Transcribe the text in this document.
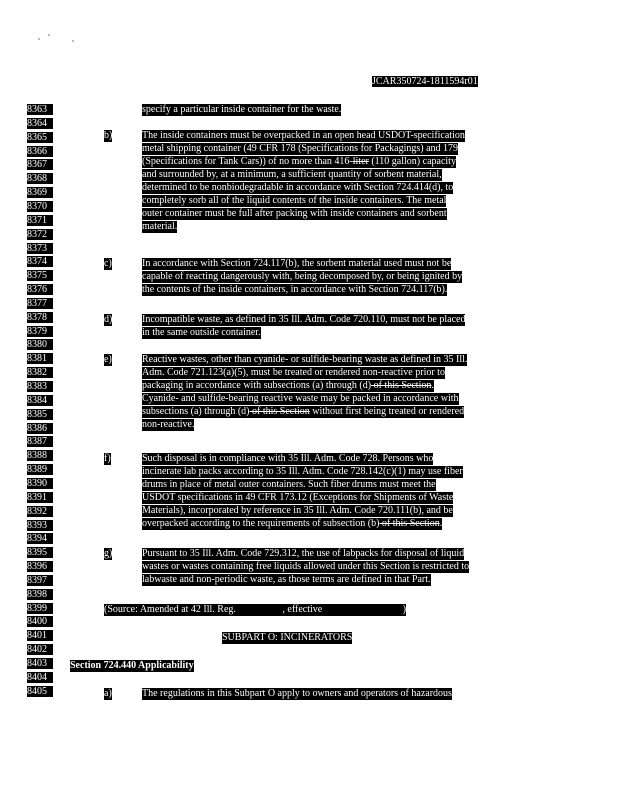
JCAR350724-1811594r01
8363
8364
8365
8366
8367
8368
8369
8370
8371
8372
8373
8374
8375
8376
8377
8378
8379
8380
8381
8382
8383
8384
8385
8386
8387
8388
8389
8390
8391
8392
8393
8394
8395
8396
8397
8398
8399
8400
8401
8402
8403
8404
8405
specify a particular inside container for the waste.
b)	The inside containers must be overpacked in an open head USDOT-specification
metal shipping container (49 CFR 178 (Specifications for Packagings) and 179
(Specifications for Tank Cars)) of no more than 416-liter (110 gallon) capacity
and surrounded by, at a minimum, a sufficient quantity of sorbent material,
determined to be nonbiodegradable in accordance with Section 724.414(d), to
completely sorb all of the liquid contents of the inside containers. The metal
outer container must be full after packing with inside containers and sorbent
material.
c)	In accordance with Section 724.117(b), the sorbent material used must not be
capable of reacting dangerously with, being decomposed by, or being ignited by
the contents of the inside containers, in accordance with Section 724.117(b).
d)	Incompatible waste, as defined in 35 Ill. Adm. Code 720.110, must not be placed
in the same outside container.
e)	Reactive wastes, other than cyanide- or sulfide-bearing waste as defined in 35 Ill.
Adm. Code 721.123(a)(5), must be treated or rendered non-reactive prior to
packaging in accordance with subsections (a) through (d) of this Section.
Cyanide- and sulfide-bearing reactive waste may be packed in accordance with
subsections (a) through (d) of this Section without first being treated or rendered
non-reactive.
f)	Such disposal is in compliance with 35 Ill. Adm. Code 728. Persons who
incinerate lab packs according to 35 Ill. Adm. Code 728.142(c)(1) may use fiber
drums in place of metal outer containers. Such fiber drums must meet the
USDOT specifications in 49 CFR 173.12 (Exceptions for Shipments of Waste
Materials), incorporated by reference in 35 Ill. Adm. Code 720.111(b), and be
overpacked according to the requirements of subsection (b) of this Section.
g)	Pursuant to 35 Ill. Adm. Code 729.312, the use of labpacks for disposal of liquid
wastes or wastes containing free liquids allowed under this Section is restricted to
labwaste and non-periodic waste, as those terms are defined in that Part.
(Source: Amended at 42 Ill. Reg.	, effective	)
SUBPART O: INCINERATORS
Section 724.440 Applicability
a)	The regulations in this Subpart O apply to owners and operators of hazardous
